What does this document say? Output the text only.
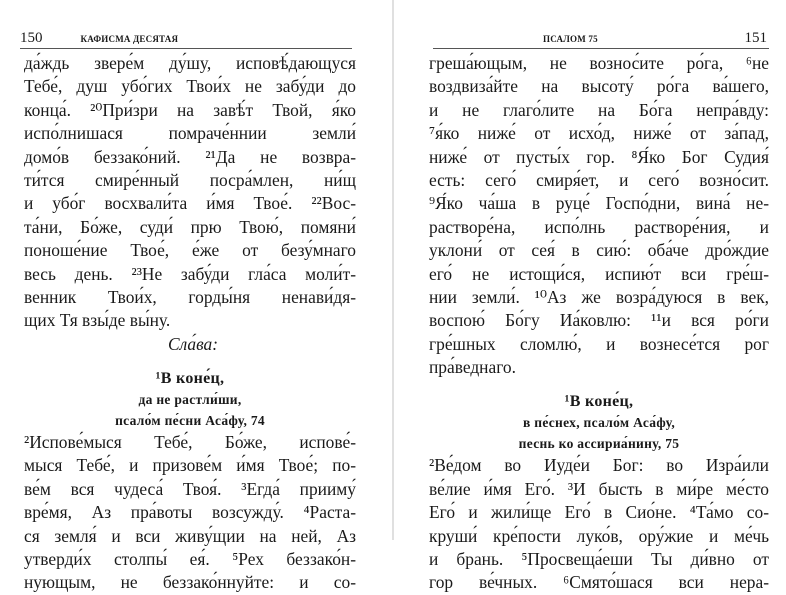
150	КАФИСМА ДЕСЯТАЯ
да́ждь звере́м ду́шу, исповѣ́дающуся
Тебе́, душ убо́гих Твои́х не забу́ди до
конца́. ²⁰При́зри на завѣ́т Твой, я́ко
испо́лнишася помраче́ннии земли́
домо́в беззако́ний. ²¹Да не возвра-
ти́тся смире́нный посра́млен, ни́щ
и убо́г восхвали́та и́мя Твое́. ²²Вос-
та́ни, Бо́же, суди́ прю Твою́, помяни́
поноше́ние Твое́, е́же от безу́мнаго
весь день. ²³Не забу́ди гла́са моли́т-
венник Твои́х, горды́ня ненави́дя-
щих Тя взы́де вы́ну.
Сла́ва:
¹В коне́ц,
да не растли́ши,
псало́м пе́сни Аса́фу, 74
²Испове́мыся Тебе́, Бо́же, испове́-
мыся Тебе́, и призове́м и́мя Твое́; по-
ве́м вся чудеса́ Твоя́. ³Егда́ прииму́
вре́мя, Аз пра́воты возсужду́. ⁴Раста-
ся земля́ и вси живу́щии на ней, Аз
утверди́х столпы́ ея́. ⁵Рех беззако́н-
нующым, не беззако́ннуйте: и со-
ПСАЛОМ 75	151
греша́ющым, не вознос́ите ро́га, ⁶не
воздвиза́йте на высоту́ ро́га ва́шего,
и не глаго́лите на Бо́га непра́вду:
⁷я́ко ниже́ от исхо́д, ниже́ от за́пад,
ниже́ от пусты́х гор. ⁸Я́ко Бог Судия́
есть: сего́ смиря́ет, и сего́ возно́сит.
⁹Я́ко ча́ша в руце́ Госпо́дни, вина́ не-
растворе́на, испо́лнь растворе́ния, и
уклони́ от сея́ в сию́: оба́че дро́ждие
его́ не истощи́ся, испию́т вси гре́ш-
нии земли́. ¹⁰Аз же возра́дуюся в век,
воспою́ Бо́гу Иа́ковлю: ¹¹и вся ро́ги
гре́шных сломлю́, и вознесе́тся рог
пра́веднаго.
¹В коне́ц,
в пе́снех, псало́м Аса́фу,
песнь ко ассириа́нину, 75
²Ве́дом во Иуде́и Бог: во Изра́или
ве́лие и́мя Его́. ³И бысть в ми́ре ме́сто
Его́ и жили́ще Его́ в Сио́не. ⁴Та́мо со-
круши́ кре́пости луко́в, ору́жие и ме́чь
и брань. ⁵Просвеща́еши Ты ди́вно от
гор ве́чных. ⁶Смято́шася вси нера-
